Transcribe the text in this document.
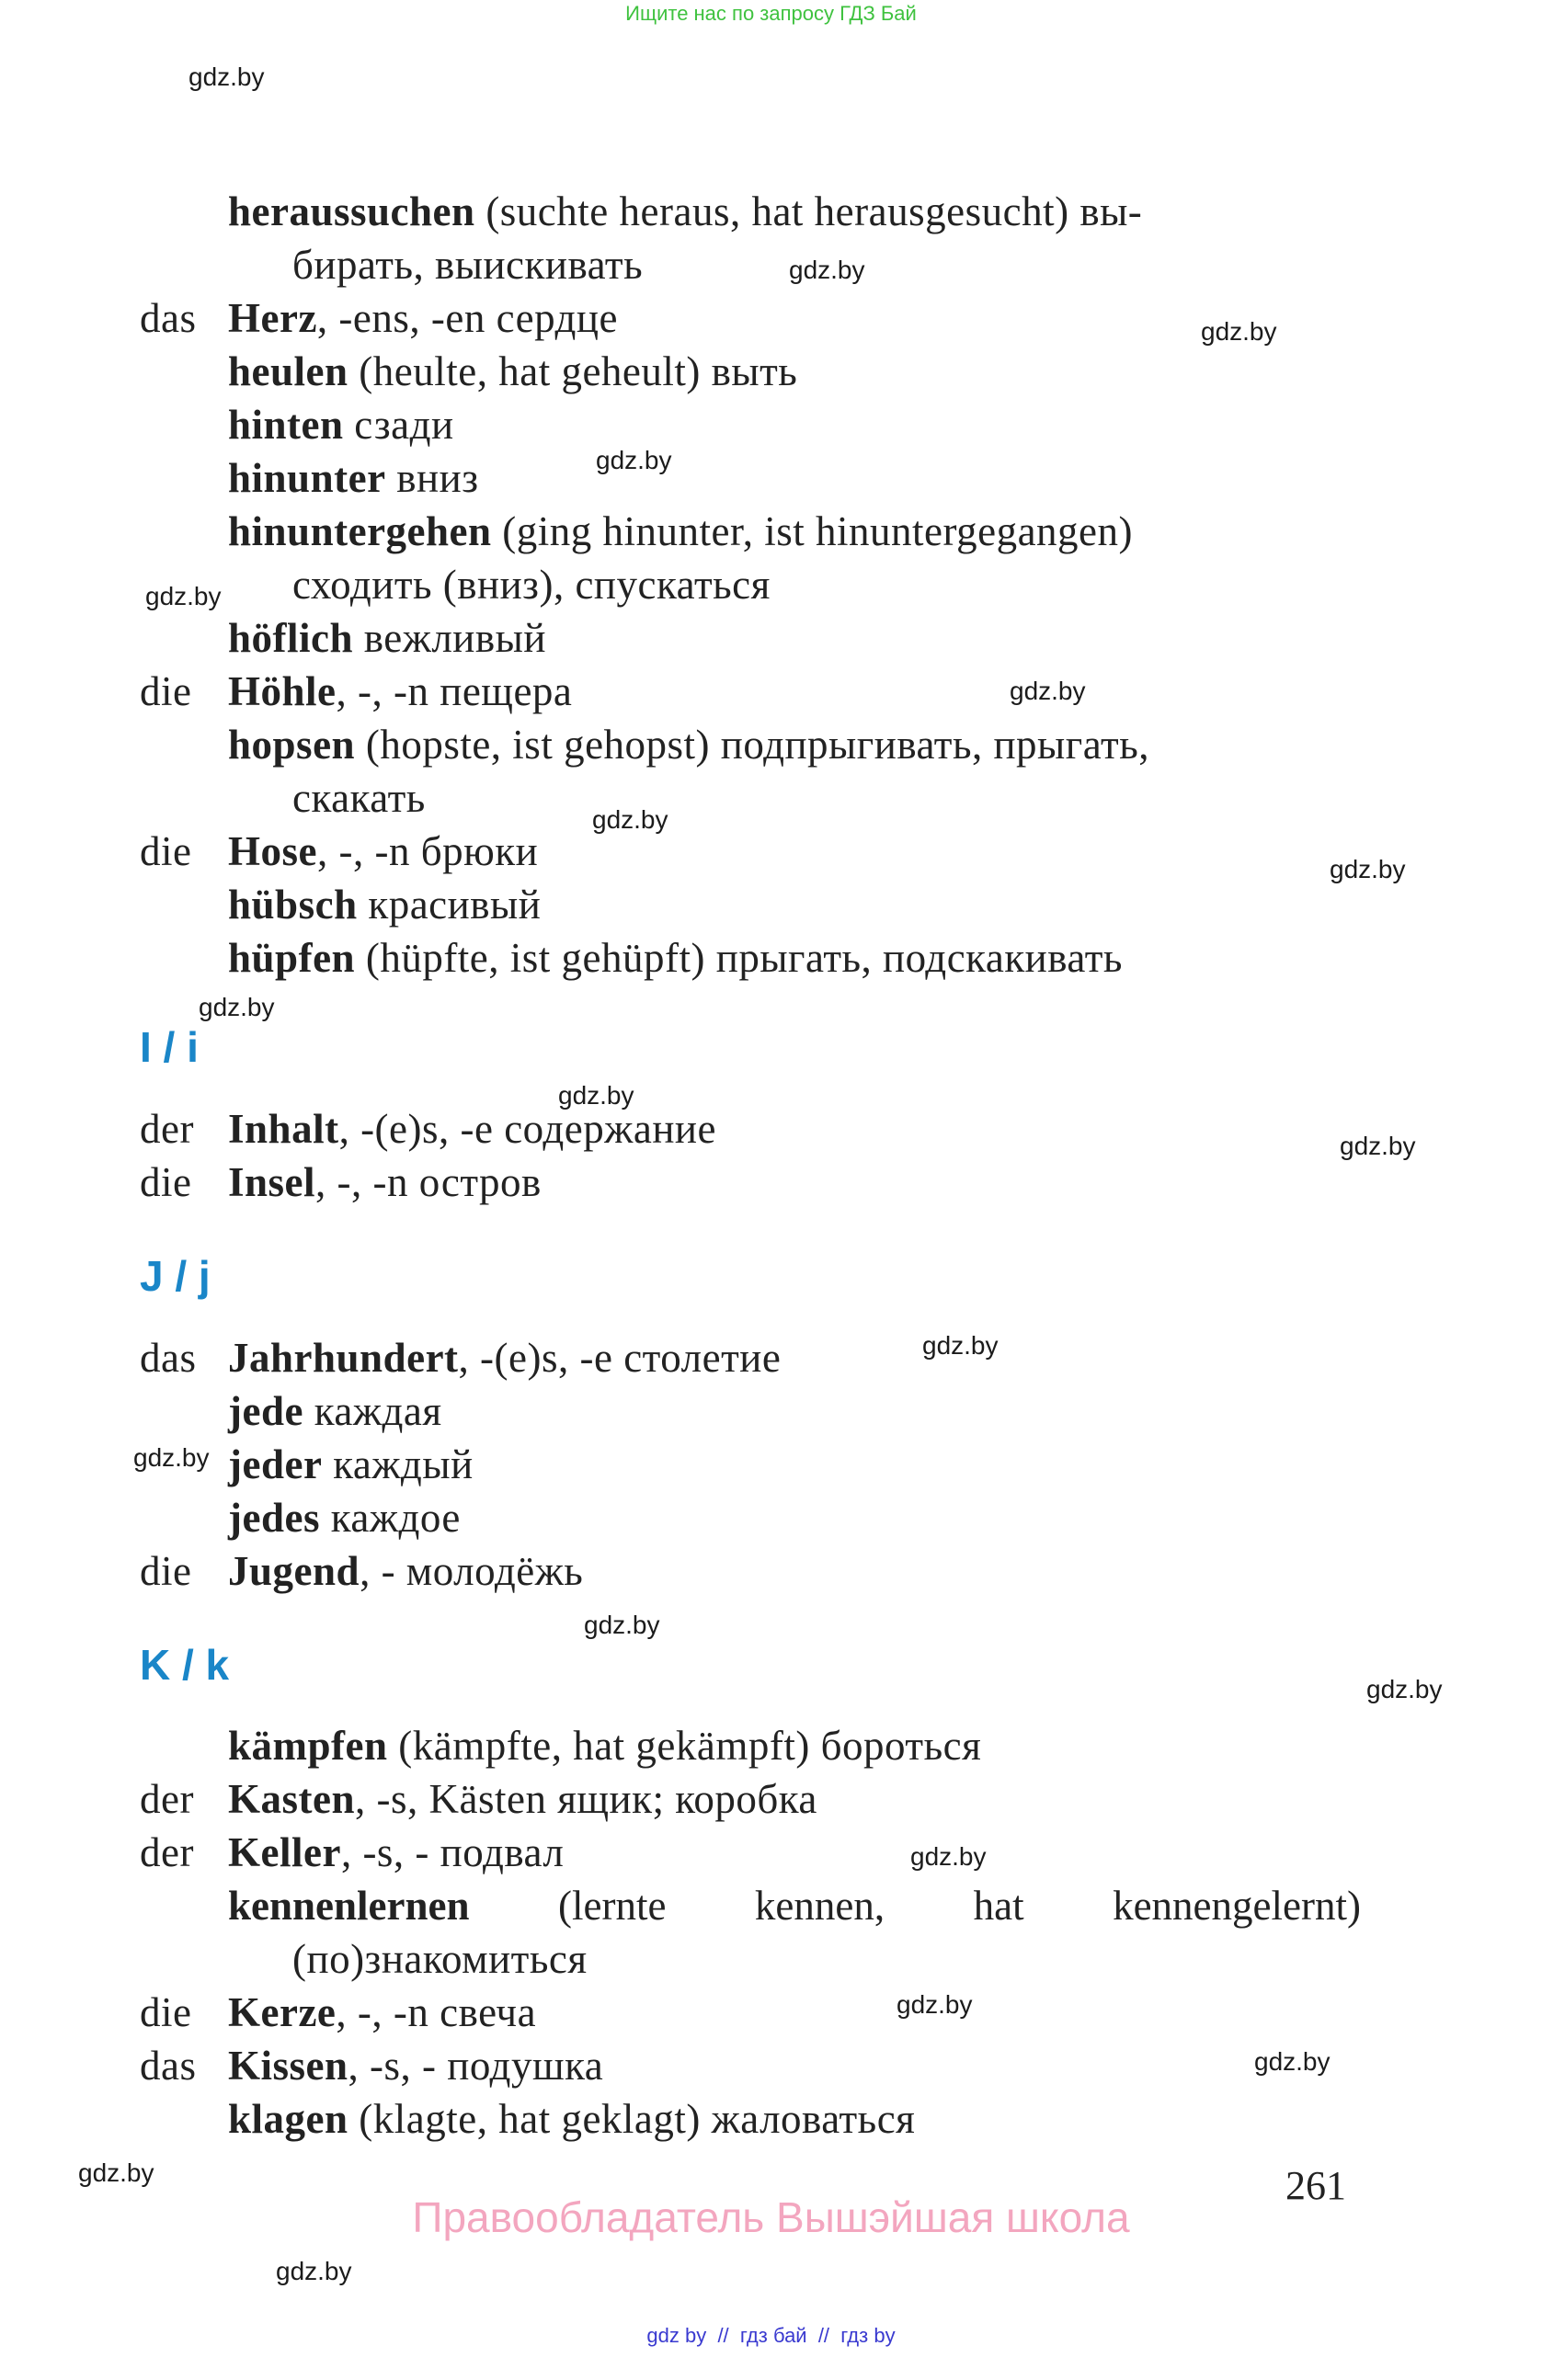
Ищите нас по запросу ГДЗ Бай
gdz.by
gdz.by
gdz.by
gdz.by
gdz.by
gdz.by
gdz.by
gdz.by
gdz.by
gdz.by
gdz.by
gdz.by
gdz.by
gdz.by
gdz.by
gdz.by
gdz.by
gdz.by
gdz.by
gdz.by
heraussuchen (suchte heraus, hat herausgesucht) вы-
бирать, выискивать
das Herz, -ens, -en сердце
heulen (heulte, hat geheult) выть
hinten сзади
hinunter вниз
hinuntergehen (ging hinunter, ist hinuntergegangen)
сходить (вниз), спускаться
höflich вежливый
die Höhle, -, -n пещера
hopsen (hopste, ist gehopst) подпрыгивать, прыгать,
скакать
die Hose, -, -n брюки
hübsch красивый
hüpfen (hüpfte, ist gehüpft) прыгать, подскакивать
I / i
der Inhalt, -(e)s, -e содержание
die Insel, -, -n остров
J / j
das Jahrhundert, -(e)s, -e столетие
jede каждая
jeder каждый
jedes каждое
die Jugend, - молодёжь
K / k
kämpfen (kämpfte, hat gekämpft) бороться
der Kasten, -s, Kästen ящик; коробка
der Keller, -s, - подвал
kennenlernen (lernte kennen, hat kennengelernt)
(по)знакомиться
die Kerze, -, -n свеча
das Kissen, -s, - подушка
klagen (klagte, hat geklagt) жаловаться
261
Правообладатель Вышэйшая школа
gdz by  //  гдз бай  //  гдз by
